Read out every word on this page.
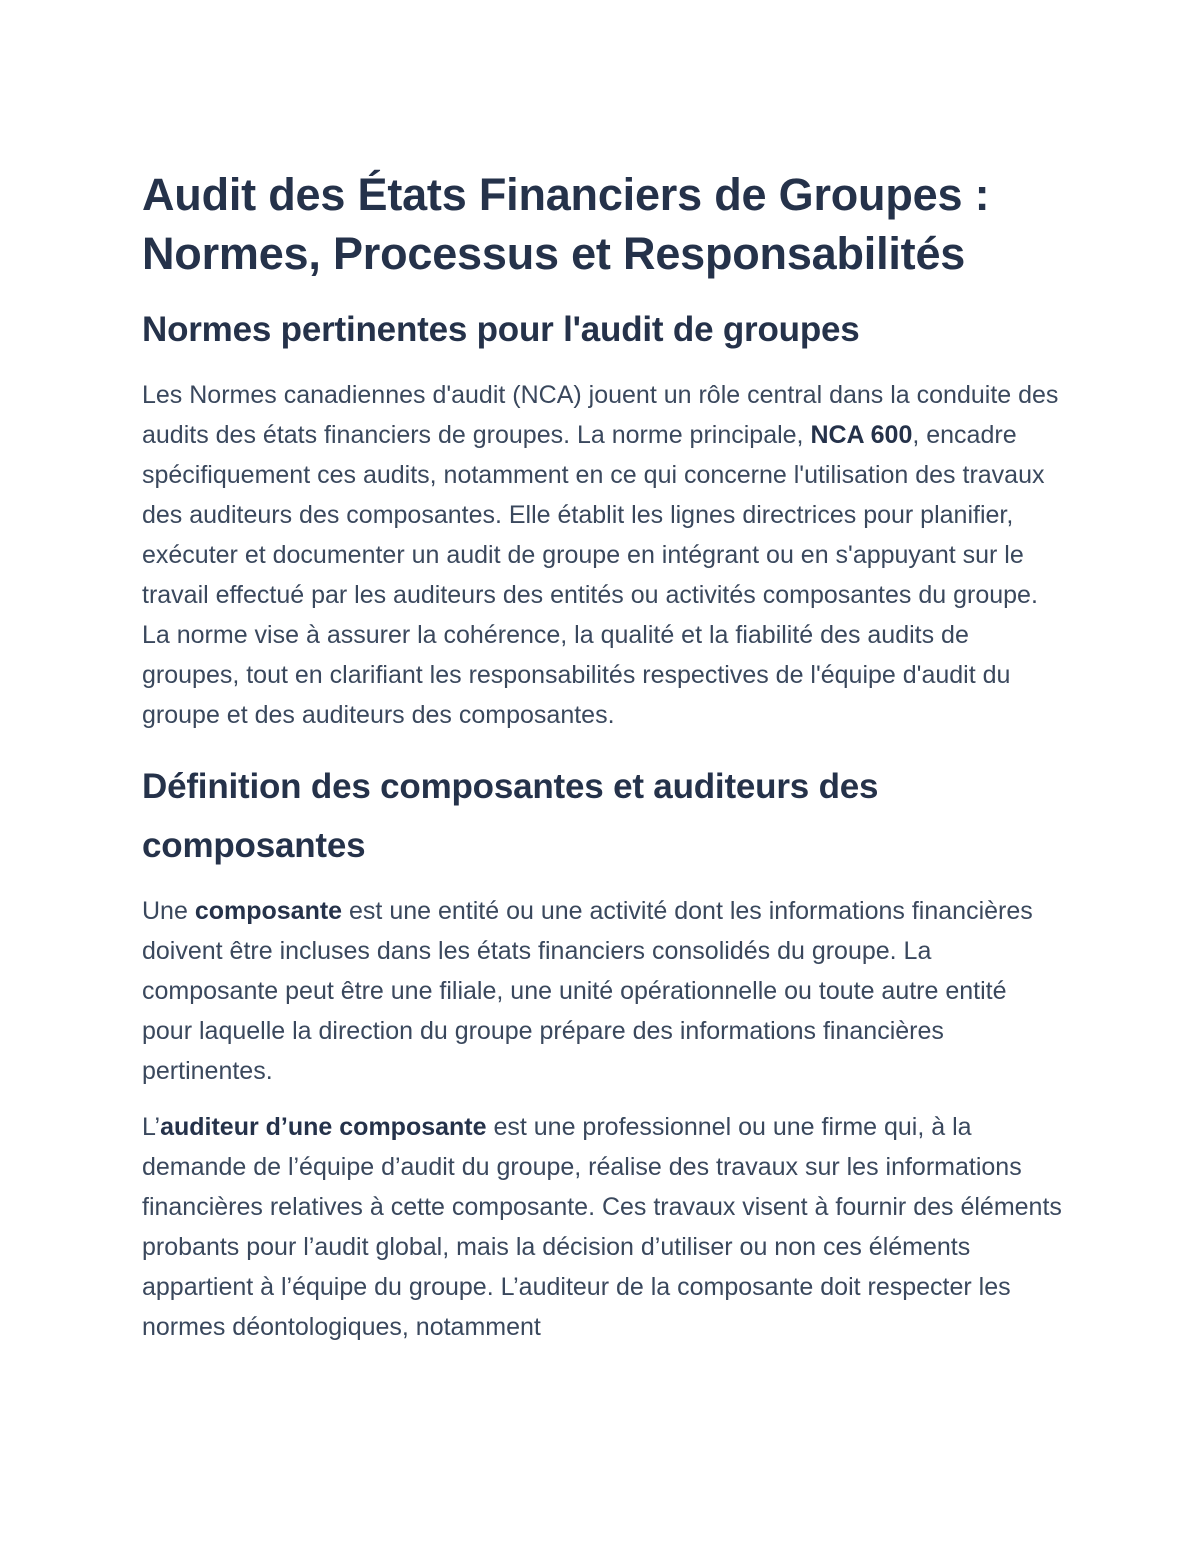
Audit des États Financiers de Groupes : Normes, Processus et Responsabilités
Normes pertinentes pour l'audit de groupes

Les Normes canadiennes d'audit (NCA) jouent un rôle central dans la conduite des audits des états financiers de groupes. La norme principale, NCA 600, encadre spécifiquement ces audits, notamment en ce qui concerne l'utilisation des travaux des auditeurs des composantes. Elle établit les lignes directrices pour planifier, exécuter et documenter un audit de groupe en intégrant ou en s'appuyant sur le travail effectué par les auditeurs des entités ou activités composantes du groupe. La norme vise à assurer la cohérence, la qualité et la fiabilité des audits de groupes, tout en clarifiant les responsabilités respectives de l'équipe d'audit du groupe et des auditeurs des composantes.

Définition des composantes et auditeurs des composantes

Une composante est une entité ou une activité dont les informations financières doivent être incluses dans les états financiers consolidés du groupe. La composante peut être une filiale, une unité opérationnelle ou toute autre entité pour laquelle la direction du groupe prépare des informations financières pertinentes.

L’auditeur d’une composante est une professionnel ou une firme qui, à la demande de l’équipe d’audit du groupe, réalise des travaux sur les informations financières relatives à cette composante. Ces travaux visent à fournir des éléments probants pour l’audit global, mais la décision d’utiliser ou non ces éléments appartient à l’équipe du groupe. L’auditeur de la composante doit respecter les normes déontologiques, notamment
